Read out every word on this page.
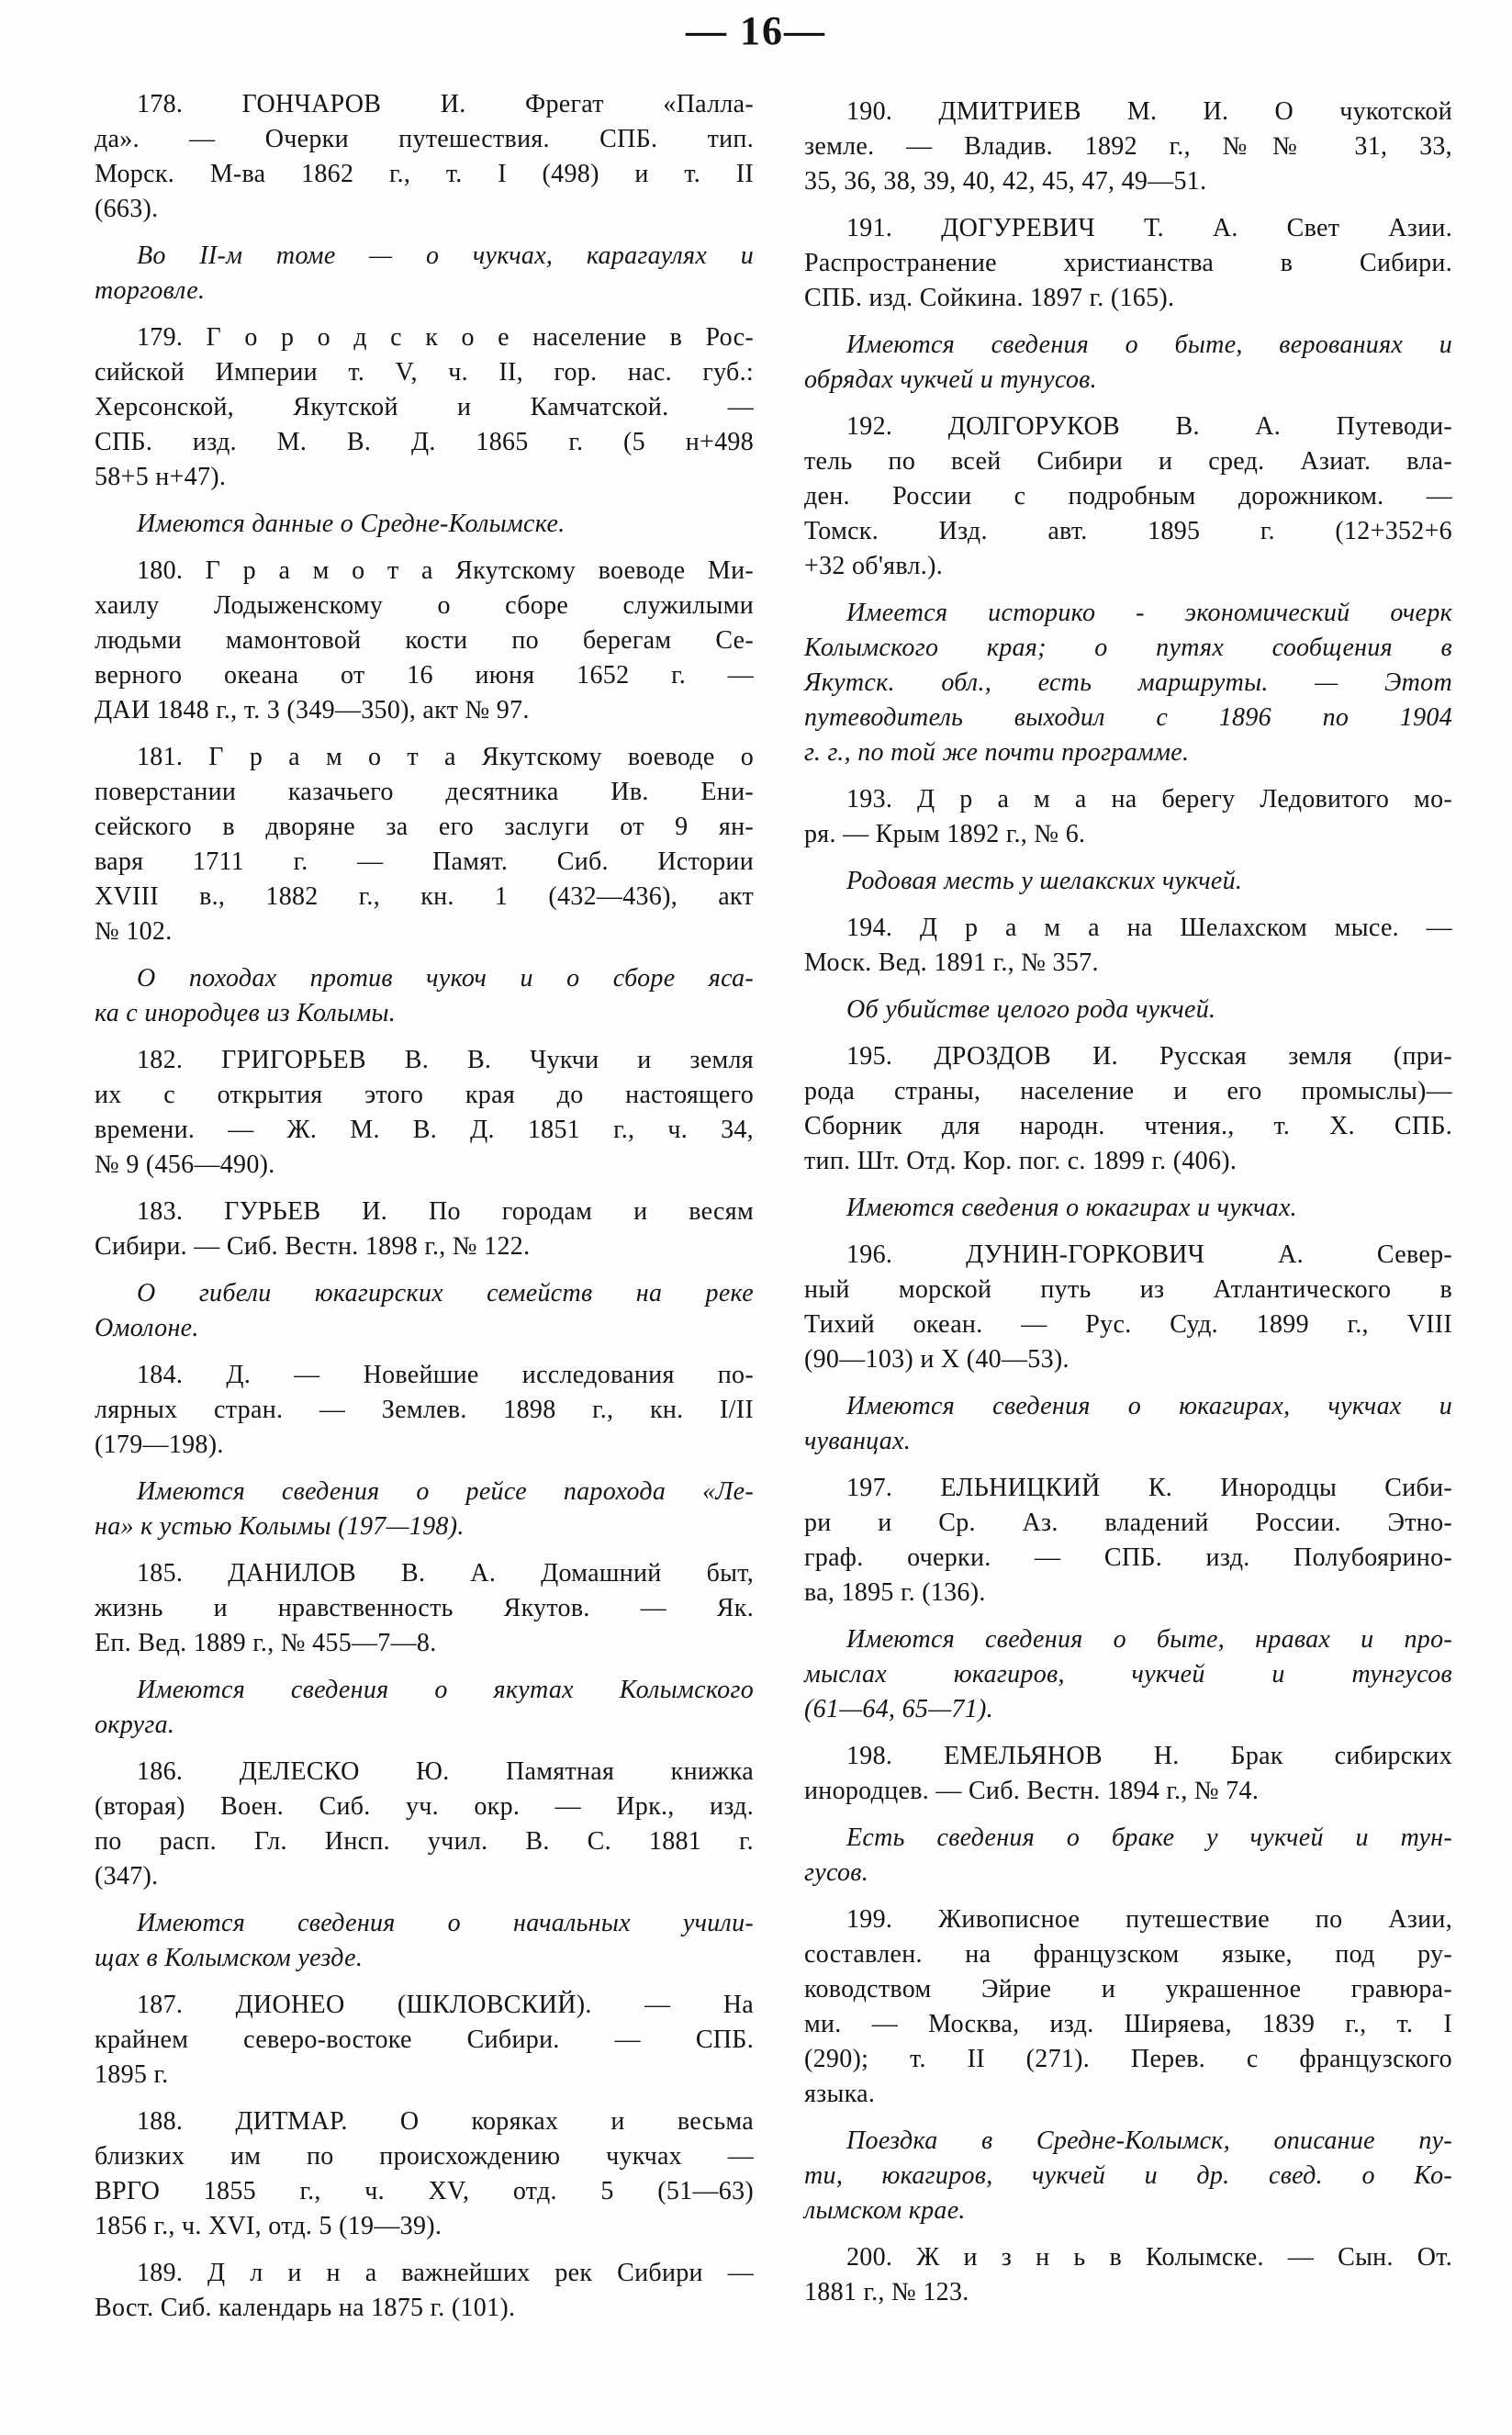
— 16—

178. ГОНЧАРОВ И. Фрегат «Палла-
да». — Очерки путешествия. СПБ. тип.
Морск. М-ва 1862 г., т. I (498) и т. II
(663).

Во II-м томе — о чукчах, карагаулях и
торговле.

179. Г о р о д с к о е население в Рос-
сийской Империи т. V, ч. II, гор. нас. губ.:
Херсонской, Якутской и Камчатской. —
СПБ. изд. М. В. Д. 1865 г. (5 н+498
58+5 н+47).

Имеются данные о Средне-Колымске.

180. Г р а м о т а Якутскому воеводе Ми-
хаилу Лодыженскому о сборе служилыми
людьми мамонтовой кости по берегам Се-
верного океана от 16 июня 1652 г. —
ДАИ 1848 г., т. 3 (349—350), акт № 97.

181. Г р а м о т а Якутскому воеводе о
поверстании казачьего десятника Ив. Ени-
сейского в дворяне за его заслуги от 9 ян-
варя 1711 г. — Памят. Сиб. Истории
XVIII в., 1882 г., кн. 1 (432—436), акт
№ 102.

О походах против чукоч и о сборе яса-
ка с инородцев из Колымы.

182. ГРИГОРЬЕВ В. В. Чукчи и земля
их с открытия этого края до настоящего
времени. — Ж. М. В. Д. 1851 г., ч. 34,
№ 9 (456—490).

183. ГУРЬЕВ И. По городам и весям
Сибири. — Сиб. Вестн. 1898 г., № 122.

О гибели юкагирских семейств на реке
Омолоне.

184. Д. — Новейшие исследования по-
лярных стран. — Землев. 1898 г., кн. I/II
(179—198).

Имеются сведения о рейсе парохода «Ле-
на» к устью Колымы (197—198).

185. ДАНИЛОВ В. А. Домашний быт,
жизнь и нравственность Якутов. — Як.
Еп. Вед. 1889 г., № 455—7—8.

Имеются сведения о якутах Колымского
округа.

186. ДЕЛЕСКО Ю. Памятная книжка
(вторая) Воен. Сиб. уч. окр. — Ирк., изд.
по расп. Гл. Инсп. учил. В. С. 1881 г.
(347).

Имеются сведения о начальных учили-
щах в Колымском уезде.

187. ДИОНЕО (ШКЛОВСКИЙ). — На
крайнем северо-востоке Сибири. — СПБ.
1895 г.

188. ДИТМАР. О коряках и весьма
близких им по происхождению чукчах —
ВРГО 1855 г., ч. XV, отд. 5 (51—63)
1856 г., ч. XVI, отд. 5 (19—39).

189. Д л и н а важнейших рек Сибири —
Вост. Сиб. календарь на 1875 г. (101).

190. ДМИТРИЕВ М. И. О чукотской
земле. — Владив. 1892 г., №№ 31, 33,
35, 36, 38, 39, 40, 42, 45, 47, 49—51.

191. ДОГУРЕВИЧ Т. А. Свет Азии.
Распространение христианства в Сибири.
СПБ. изд. Сойкина. 1897 г. (165).

Имеются сведения о быте, верованиях и
обрядах чукчей и тунусов.

192. ДОЛГОРУКОВ В. А. Путеводи-
тель по всей Сибири и сред. Азиат. вла-
ден. России с подробным дорожником. —
Томск. Изд. авт. 1895 г. (12+352+6
+32 об'явл.).

Имеется историко - экономический очерк
Колымского края; о путях сообщения в
Якутск. обл., есть маршруты. — Этот
путеводитель выходил с 1896 по 1904
г. г., по той же почти программе.

193. Д р а м а на берегу Ледовитого мо-
ря. — Крым 1892 г., № 6.

Родовая месть у шелакских чукчей.

194. Д р а м а на Шелахском мысе. —
Моск. Вед. 1891 г., № 357.

Об убийстве целого рода чукчей.

195. ДРОЗДОВ И. Русская земля (при-
рода страны, население и его промыслы)—
Сборник для народн. чтения., т. X. СПБ.
тип. Шт. Отд. Кор. пог. с. 1899 г. (406).

Имеются сведения о юкагирах и чукчах.

196. ДУНИН-ГОРКОВИЧ А. Север-
ный морской путь из Атлантического в
Тихий океан. — Рус. Суд. 1899 г., VIII
(90—103) и X (40—53).

Имеются сведения о юкагирах, чукчах и
чуванцах.

197. ЕЛЬНИЦКИЙ К. Инородцы Сиби-
ри и Ср. Аз. владений России. Этно-
граф. очерки. — СПБ. изд. Полубоярино-
ва, 1895 г. (136).

Имеются сведения о быте, нравах и про-
мыслах юкагиров, чукчей и тунгусов
(61—64, 65—71).

198. ЕМЕЛЬЯНОВ Н. Брак сибирских
инородцев. — Сиб. Вестн. 1894 г., № 74.

Есть сведения о браке у чукчей и тун-
гусов.

199. Живописное путешествие по Азии,
составлен. на французском языке, под ру-
ководством Эйрие и украшенное гравюра-
ми. — Москва, изд. Ширяева, 1839 г., т. I
(290); т. II (271). Перев. с французского
языка.

Поездка в Средне-Колымск, описание пу-
ти, юкагиров, чукчей и др. свед. о Ко-
лымском крае.

200. Ж и з н ь в Колымске. — Сын. От.
1881 г., № 123.
